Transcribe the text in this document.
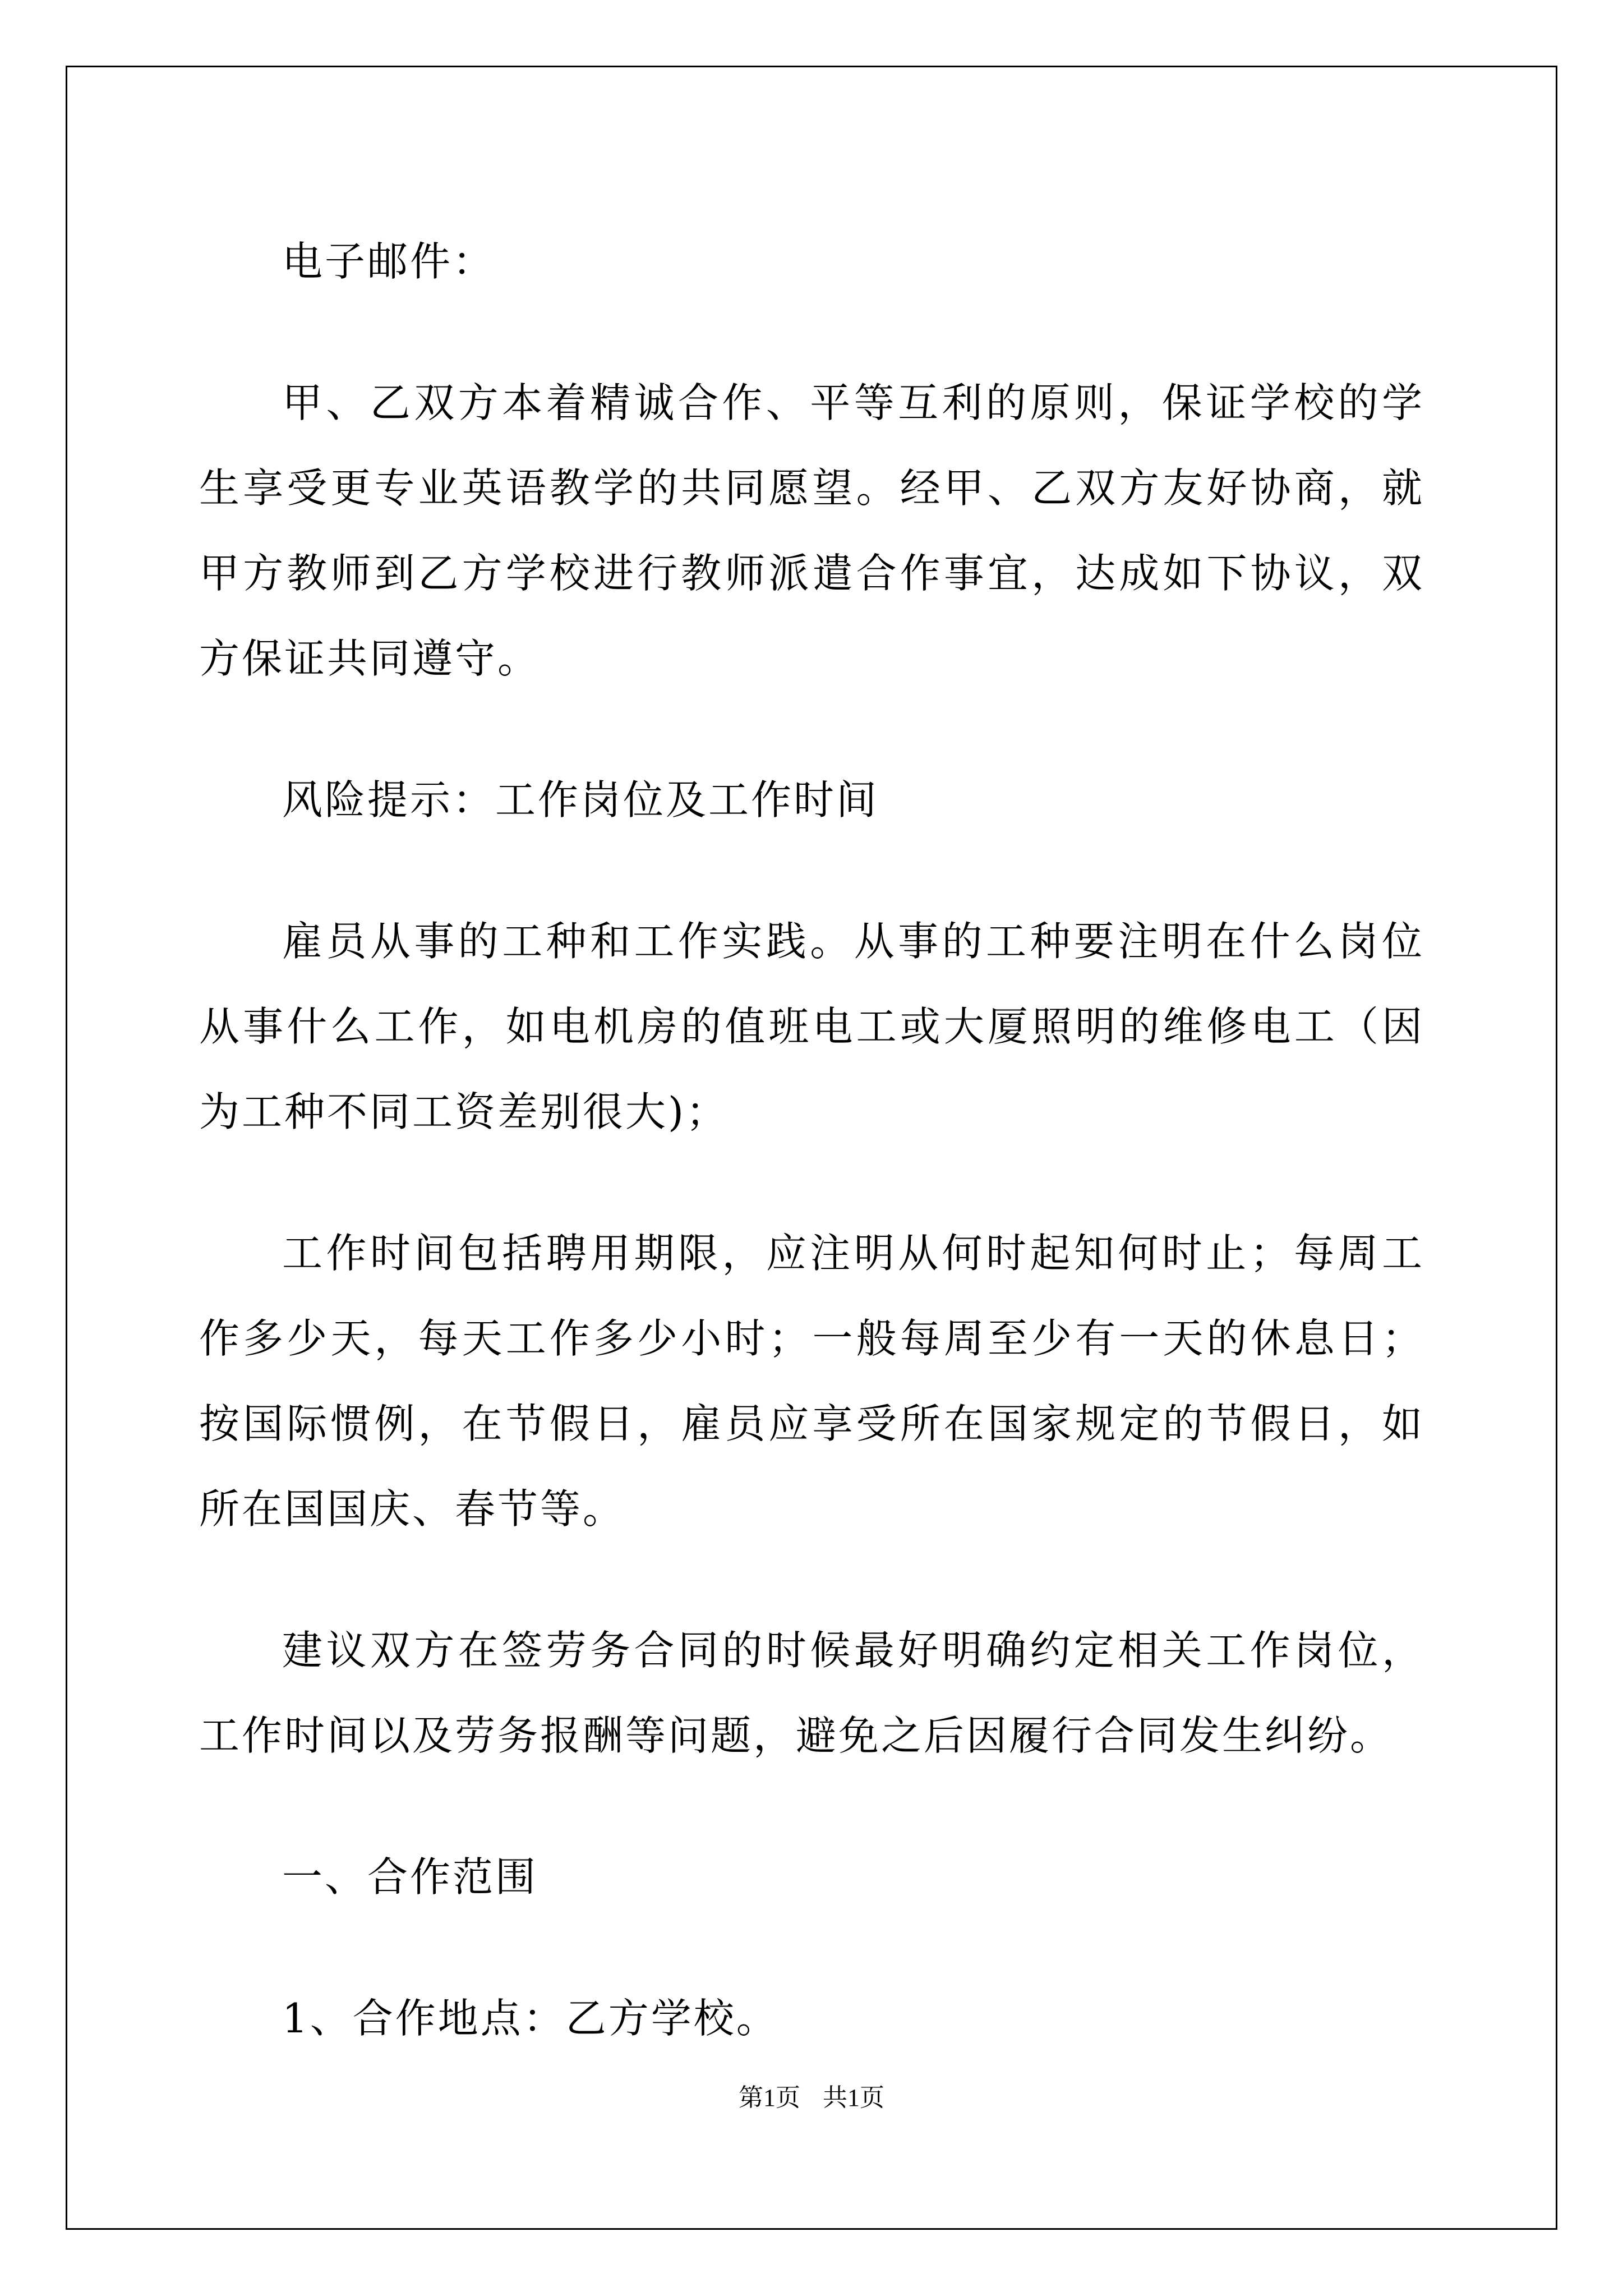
电子邮件：

甲、乙双方本着精诚合作、平等互利的原则，保证学校的学生享受更专业英语教学的共同愿望。经甲、乙双方友好协商，就甲方教师到乙方学校进行教师派遣合作事宜，达成如下协议，双方保证共同遵守。

风险提示：工作岗位及工作时间

雇员从事的工种和工作实践。从事的工种要注明在什么岗位从事什么工作，如电机房的值班电工或大厦照明的维修电工（因为工种不同工资差别很大)；

工作时间包括聘用期限，应注明从何时起知何时止；每周工作多少天，每天工作多少小时；一般每周至少有一天的休息日；按国际惯例，在节假日，雇员应享受所在国家规定的节假日，如所在国国庆、春节等。

建议双方在签劳务合同的时候最好明确约定相关工作岗位，工作时间以及劳务报酬等问题，避免之后因履行合同发生纠纷。

一、合作范围

1、合作地点：乙方学校。

第1页 共1页
